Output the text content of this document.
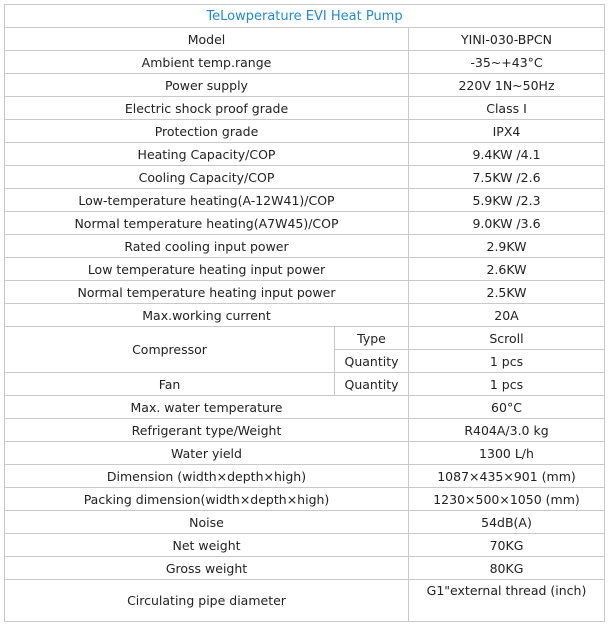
TeLowperature EVI Heat Pump		
Model		YINI-030-BPCN
Ambient temp.range		-35~+43°C
Power supply		220V 1N~50Hz
Electric shock proof grade		Class I
Protection grade		IPX4
Heating Capacity/COP		9.4KW /4.1
Cooling Capacity/COP		7.5KW /2.6
Low-temperature heating(A-12W41)/COP		5.9KW /2.3
Normal temperature heating(A7W45)/COP		9.0KW /3.6
Rated cooling input power		2.9KW
Low temperature heating input power		2.6KW
Normal temperature heating input power		2.5KW
Max.working current		20A
Compressor	Type	Scroll
	Quantity	1 pcs
Fan	Quantity	1 pcs
Max. water temperature		60°C
Refrigerant type/Weight		R404A/3.0 kg
Water yield		1300 L/h
Dimension (width×depth×high)		1087×435×901 (mm)
Packing dimension(width×depth×high)		1230×500×1050 (mm)
Noise		54dB(A)
Net weight		70KG
Gross weight		80KG
Circulating pipe diameter		G1"external thread (inch)
